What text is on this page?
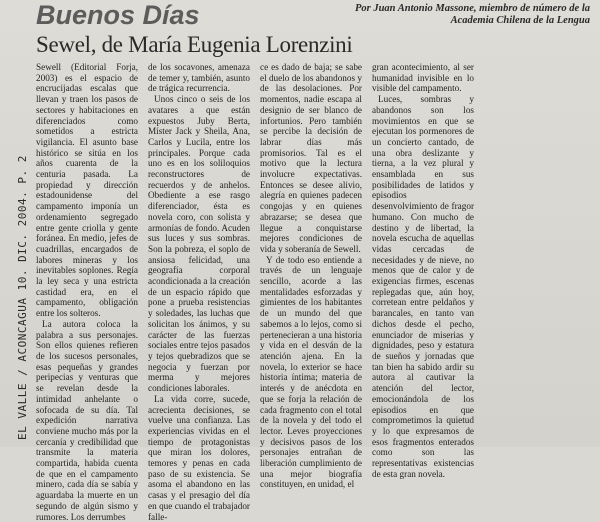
EL VALLE / ACONCAGUA 10. DIC. 2004. P. 2
Buenos Días	Por Juan Antonio Massone, miembro de número de la Academia Chilena de la Lengua
Sewel, de María Eugenia Lorenzini

Sewell (Editorial Forja, 2003) es el espacio de encrucijadas escalas que llevan y traen los pasos de sectores y habitaciones en diferenciados como sometidos a estricta vigilancia. El asunto base histórico se sitúa en los años cuarenta de la centuria pasada. La propiedad y dirección estadounidense del campamento imponía un ordenamiento segregado entre gente criolla y gente foránea. En medio, jefes de cuadrillas, encargados de labores mineras y los inevitables soplones. Regía la ley seca y una estricta castidad era, en el campamento, obligación entre los solteros.

La autora coloca la palabra a sus personajes. Son ellos quienes refieren de los sucesos personales, esas pequeñas y grandes peripecias y venturas que se revelan desde la intimidad anhelante o sofocada de su día. Tal expedición narrativa conviene mucho más por la cercanía y credibilidad que transmite la materia compartida, habida cuenta de que en el campamento minero, cada día se sabía y aguardaba la muerte en un segundo de algún sismo y rumores. Los derrumbes

de los socavones, amenaza de temer y, también, asunto de trágica recurrencia.

Unos cinco o seis de los avatares a que están expuestos Juby Berta, Míster Jack y Sheila, Ana, Carlos y Lucila, entre los principales. Porque cada uno es en los soliloquios reconstructores de recuerdos y de anhelos. Obediente a ese rasgo diferenciador, ésta es novela coro, con solista y armonías de fondo. Acuden sus luces y sus sombras. Son la pobreza, el soplo de ansiosa felicidad, una geografía corporal acondicionada a la creación de un espacio rápido que pone a prueba resistencias y soledades, las luchas que solicitan los ánimos, y su carácter de las fuerzas sociales entre tejos pasados y tejos quebradizos que se negocia y fuerzan por merma y mejores condiciones laborales.

La vida corre, sucede, acrecienta decisiones, se vuelve una confianza. Las experiencias vividas en el tiempo de protagonistas que miran los dolores, temores y penas en cada paso de su existencia. Se asoma el abandono en las casas y el presagio del día en que cuando el trabajador falle-

ce es dado de baja; se sabe el duelo de los abandonos y de las desolaciones. Por momentos, nadie escapa al designio de ser blanco de infortunios. Pero también se percibe la decisión de labrar días más promisorios. Tal es el motivo que la lectura involucre expectativas. Entonces se desee alivio, alegría en quienes padecen congojas y en quienes abrazarse; se desea que llegue a conquistarse mejores condiciones de vida y soberanía de Sewell.

Y de todo eso entiende a través de un lenguaje sencillo, acorde a las mentalidades esforzadas y gimientes de los habitantes de un mundo del que sabemos a lo lejos, como si pertenecieran a una historia y vida en el desván de la atención ajena. En la novela, lo exterior se hace historia íntima; materia de interés y de anécdota en que se forja la relación de cada fragmento con el total de la novela y del todo el lector. Leves proyecciones y decisivos pasos de los personajes entrañan de liberación cumplimiento de una mejor biografía constituyen, en unidad, el

gran acontecimiento, al ser humanidad invisible en lo visible del campamento.

Luces, sombras y abandonos son los movimientos en que se ejecutan los pormenores de un concierto cantado, de una obra deslizante y tierna, a la vez plural y ensamblada en sus posibilidades de latidos y episodios desenvolvimiento de fragor humano. Con mucho de destino y de libertad, la novela escucha de aquellas vidas cercadas de necesidades y de nieve, no menos que de calor y de exigencias firmes, escenas replegadas que, aún hoy, corretean entre peldaños y barancales, en tanto van dichos desde el pecho, enunciador de miserias y dignidades, peso y estatura de sueños y jornadas que tan bien ha sabido ardir su autora al cautivar la atención del lector, emocionándola de los episodios en que comprometimos la quietud y lo que expresamos de esos fragmentos enterados como son las representativas existencias de esta gran novela.
